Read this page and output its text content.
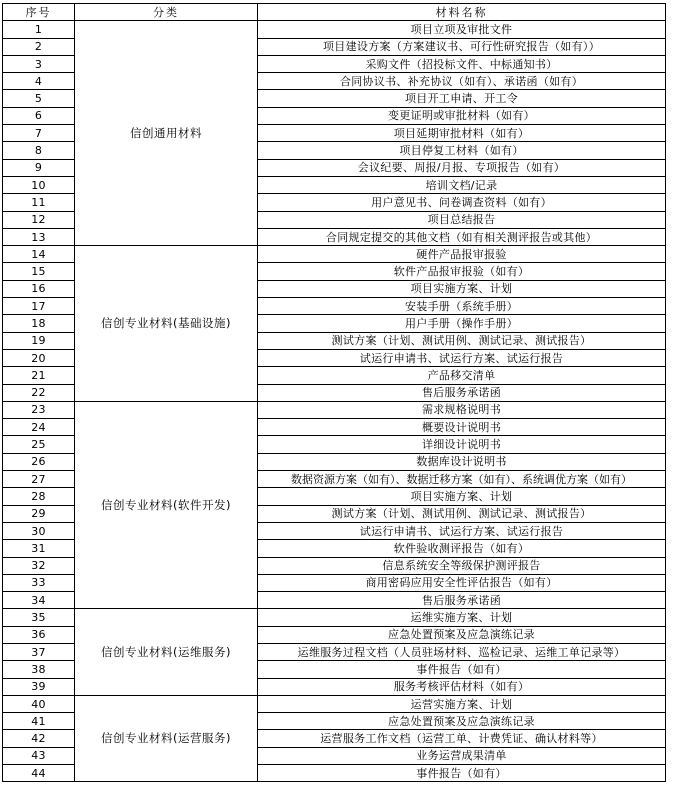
序号	分类	材料名称
1	信创通用材料	项目立项及审批文件
2		项目建设方案（方案建议书、可行性研究报告（如有））
3		采购文件（招投标文件、中标通知书）
4		合同协议书、补充协议（如有）、承诺函（如有）
5		项目开工申请、开工令
6		变更证明或审批材料（如有）
7		项目延期审批材料（如有）
8		项目停复工材料（如有）
9		会议纪要、周报/月报、专项报告（如有）
10		培训文档/记录
11		用户意见书、问卷调查资料（如有）
12		项目总结报告
13		合同规定提交的其他文档（如有相关测评报告或其他）
14	信创专业材料(基础设施)	硬件产品报审报验
15		软件产品报审报验（如有）
16		项目实施方案、计划
17		安装手册（系统手册）
18		用户手册（操作手册）
19		测试方案（计划、测试用例、测试记录、测试报告）
20		试运行申请书、试运行方案、试运行报告
21		产品移交清单
22		售后服务承诺函
23	信创专业材料(软件开发)	需求规格说明书
24		概要设计说明书
25		详细设计说明书
26		数据库设计说明书
27		数据资源方案（如有）、数据迁移方案（如有）、系统调优方案（如有）
28		项目实施方案、计划
29		测试方案（计划、测试用例、测试记录、测试报告）
30		试运行申请书、试运行方案、试运行报告
31		软件验收测评报告（如有）
32		信息系统安全等级保护测评报告
33		商用密码应用安全性评估报告（如有）
34		售后服务承诺函
35	信创专业材料(运维服务)	运维实施方案、计划
36		应急处置预案及应急演练记录
37		运维服务过程文档（人员驻场材料、巡检记录、运维工单记录等）
38		事件报告（如有）
39		服务考核评估材料（如有）
40	信创专业材料(运营服务)	运营实施方案、计划
41		应急处置预案及应急演练记录
42		运营服务工作文档（运营工单、计费凭证、确认材料等）
43		业务运营成果清单
44		事件报告（如有）
